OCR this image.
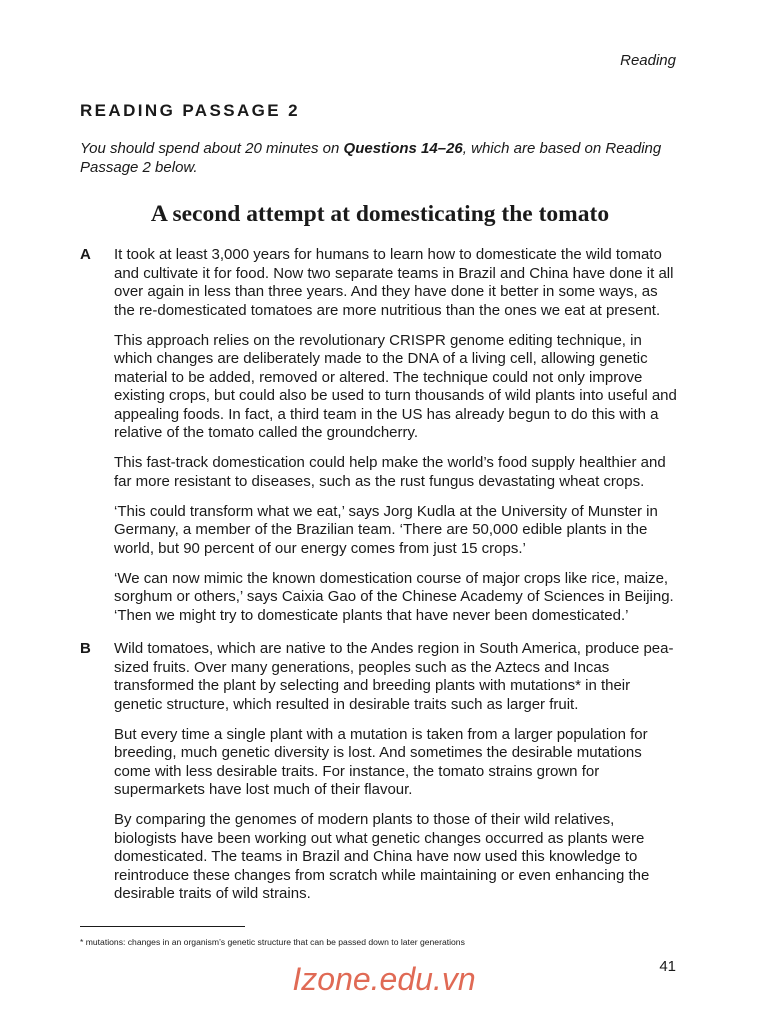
Reading
READING PASSAGE 2
You should spend about 20 minutes on Questions 14–26, which are based on Reading Passage 2 below.
A second attempt at domesticating the tomato
A It took at least 3,000 years for humans to learn how to domesticate the wild tomato and cultivate it for food. Now two separate teams in Brazil and China have done it all over again in less than three years. And they have done it better in some ways, as the re-domesticated tomatoes are more nutritious than the ones we eat at present.

This approach relies on the revolutionary CRISPR genome editing technique, in which changes are deliberately made to the DNA of a living cell, allowing genetic material to be added, removed or altered. The technique could not only improve existing crops, but could also be used to turn thousands of wild plants into useful and appealing foods. In fact, a third team in the US has already begun to do this with a relative of the tomato called the groundcherry.

This fast-track domestication could help make the world’s food supply healthier and far more resistant to diseases, such as the rust fungus devastating wheat crops.

‘This could transform what we eat,’ says Jorg Kudla at the University of Munster in Germany, a member of the Brazilian team. ‘There are 50,000 edible plants in the world, but 90 percent of our energy comes from just 15 crops.’

‘We can now mimic the known domestication course of major crops like rice, maize, sorghum or others,’ says Caixia Gao of the Chinese Academy of Sciences in Beijing. ‘Then we might try to domesticate plants that have never been domesticated.’

B Wild tomatoes, which are native to the Andes region in South America, produce pea-sized fruits. Over many generations, peoples such as the Aztecs and Incas transformed the plant by selecting and breeding plants with mutations* in their genetic structure, which resulted in desirable traits such as larger fruit.

But every time a single plant with a mutation is taken from a larger population for breeding, much genetic diversity is lost. And sometimes the desirable mutations come with less desirable traits. For instance, the tomato strains grown for supermarkets have lost much of their flavour.

By comparing the genomes of modern plants to those of their wild relatives, biologists have been working out what genetic changes occurred as plants were domesticated. The teams in Brazil and China have now used this knowledge to reintroduce these changes from scratch while maintaining or even enhancing the desirable traits of wild strains.

* mutations: changes in an organism’s genetic structure that can be passed down to later generations
41
Izone.edu.vn
